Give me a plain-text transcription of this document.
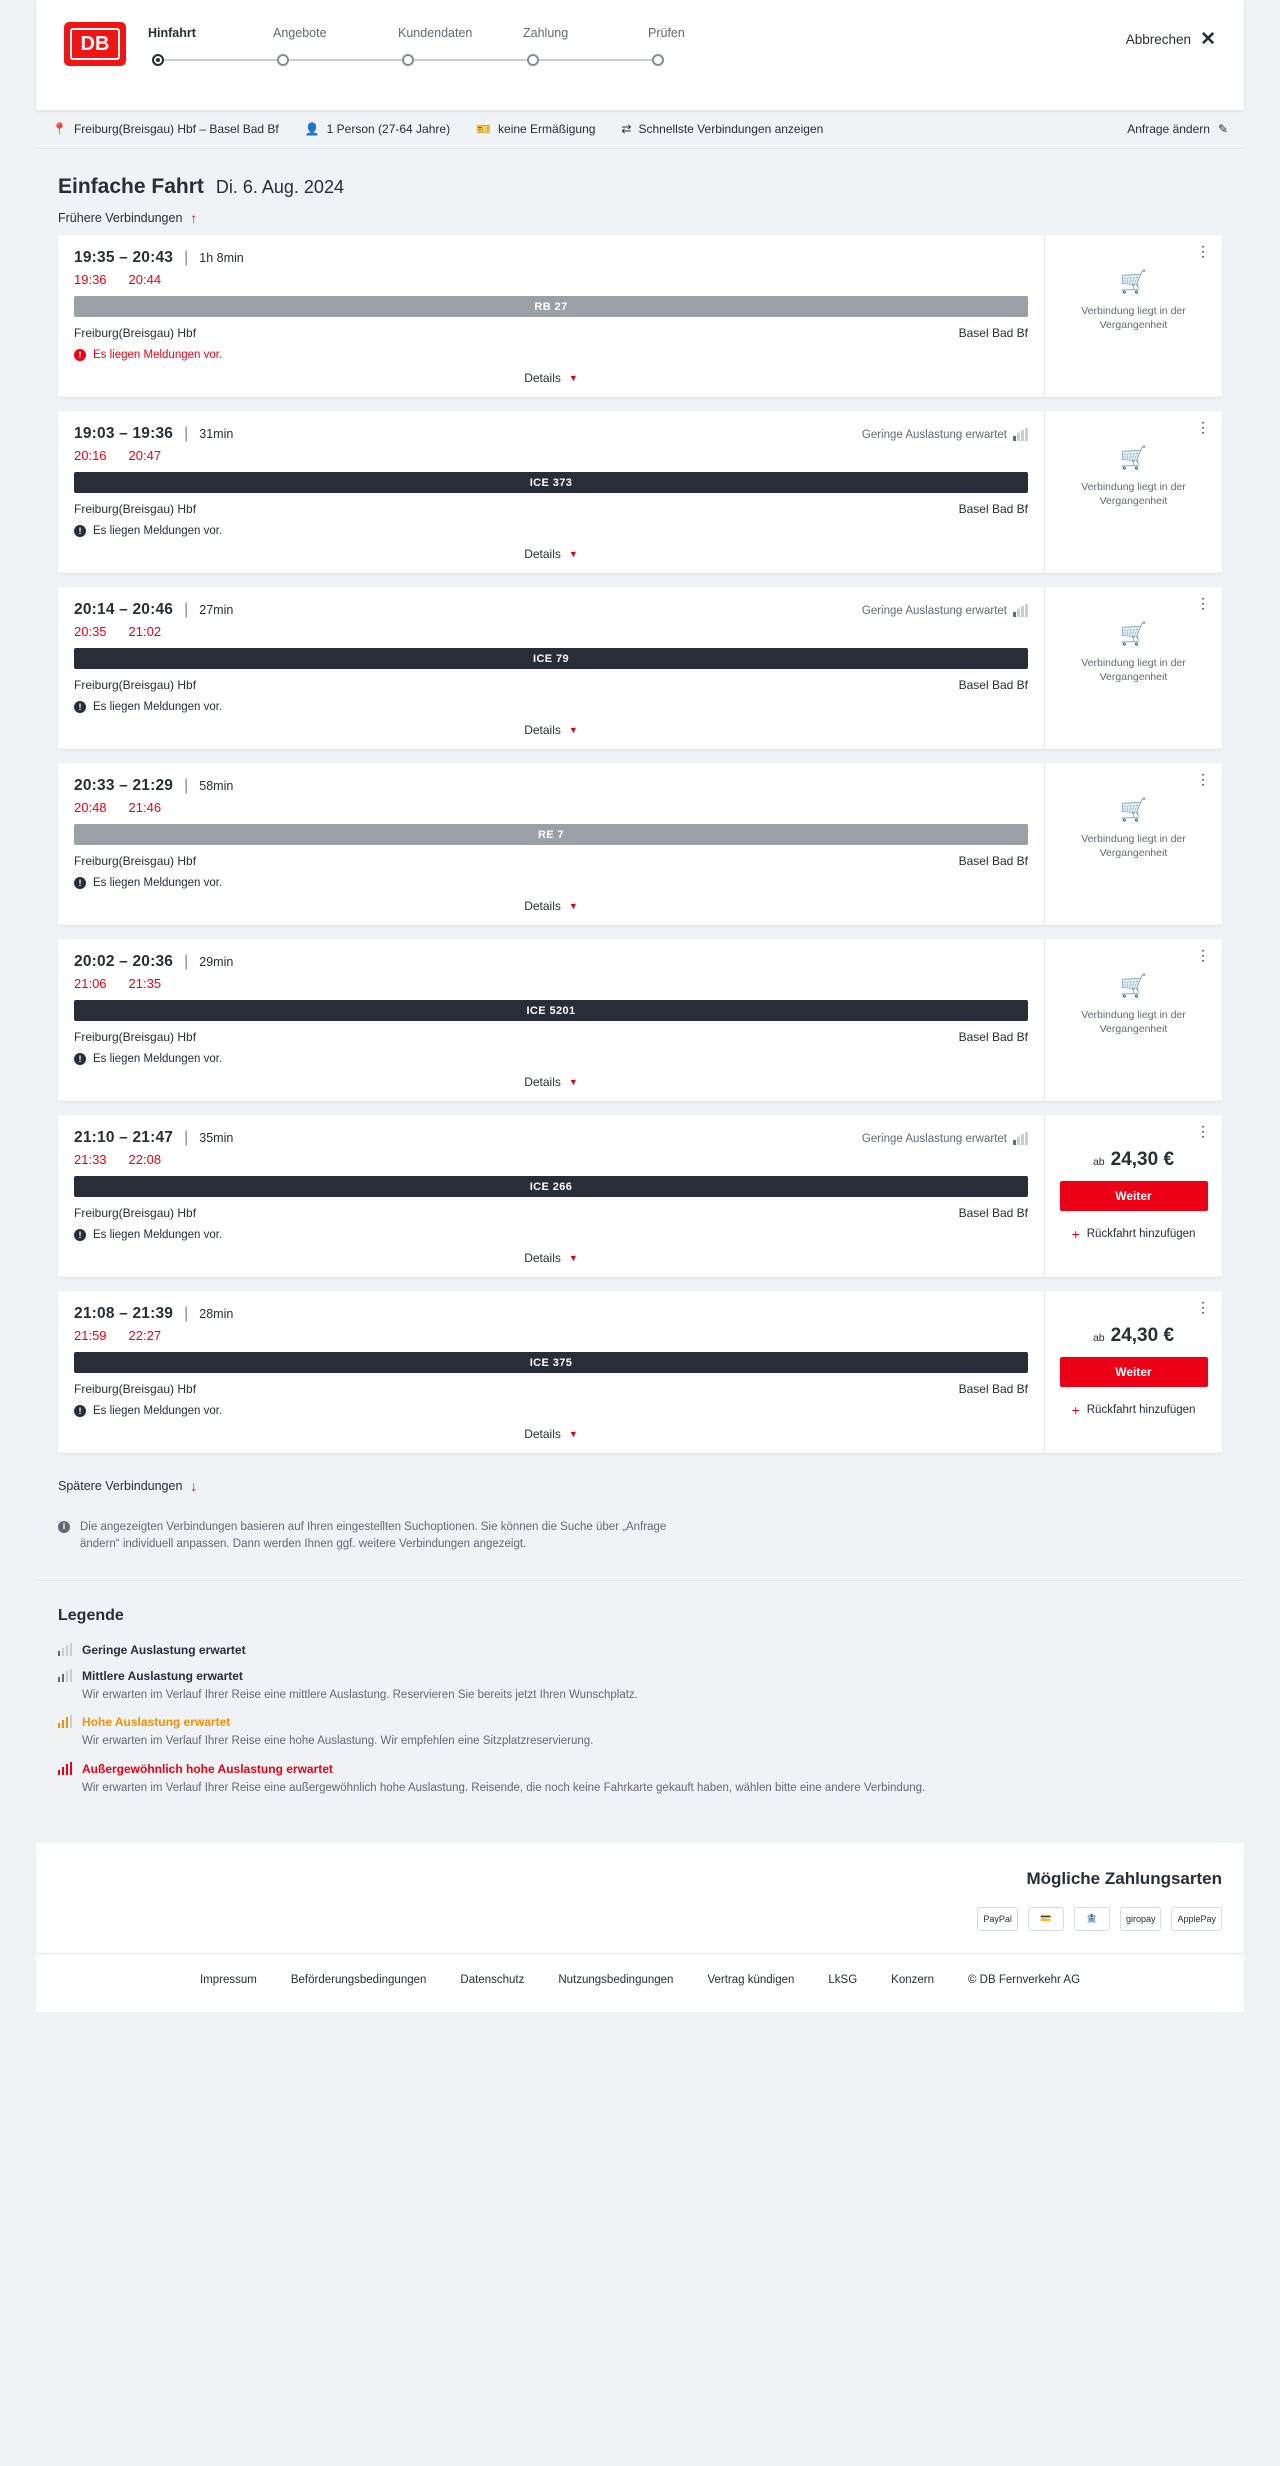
DB	Hinfahrt	Angebote	Kundendaten	Zahlung	Prüfen	Abbrechen ✕
📍 Freiburg(Breisgau) Hbf – Basel Bad Bf 👤 1 Person (27-64 Jahre) 🎫 keine Ermäßigung ⇄ Schnellste Verbindungen anzeigen	Anfrage ändern ✎
Einfache Fahrt Di. 6. Aug. 2024
Frühere Verbindungen ↑
19:35 – 20:43 | 1h 8min
19:36 20:44
RB 27
Freiburg(Breisgau) Hbf	Basel Bad Bf
!	Es liegen Meldungen vor.
Details ▼
⋮
🛒
Verbindung liegt in der Vergangenheit
19:03 – 19:36 | 31min	Geringe Auslastung erwartet
20:16 20:47
ICE 373
Freiburg(Breisgau) Hbf	Basel Bad Bf
!	Es liegen Meldungen vor.
Details ▼
⋮
🛒
Verbindung liegt in der Vergangenheit
20:14 – 20:46 | 27min	Geringe Auslastung erwartet
20:35 21:02
ICE 79
Freiburg(Breisgau) Hbf	Basel Bad Bf
!	Es liegen Meldungen vor.
Details ▼
⋮
🛒
Verbindung liegt in der Vergangenheit
20:33 – 21:29 | 58min
20:48 21:46
RE 7
Freiburg(Breisgau) Hbf	Basel Bad Bf
!	Es liegen Meldungen vor.
Details ▼
⋮
🛒
Verbindung liegt in der Vergangenheit
20:02 – 20:36 | 29min
21:06 21:35
ICE 5201
Freiburg(Breisgau) Hbf	Basel Bad Bf
!	Es liegen Meldungen vor.
Details ▼
⋮
🛒
Verbindung liegt in der Vergangenheit
21:10 – 21:47 | 35min	Geringe Auslastung erwartet
21:33 22:08
ICE 266
Freiburg(Breisgau) Hbf	Basel Bad Bf
!	Es liegen Meldungen vor.
Details ▼
⋮
ab 24,30 €
Weiter
+ Rückfahrt hinzufügen
21:08 – 21:39 | 28min
21:59 22:27
ICE 375
Freiburg(Breisgau) Hbf	Basel Bad Bf
!	Es liegen Meldungen vor.
Details ▼
⋮
ab 24,30 €
Weiter
+ Rückfahrt hinzufügen
Spätere Verbindungen ↓
i	Die angezeigten Verbindungen basieren auf Ihren eingestellten Suchoptionen. Sie können die Suche über „Anfrage ändern“ individuell anpassen. Dann werden Ihnen ggf. weitere Verbindungen angezeigt.
Legende
Geringe Auslastung erwartet
Mittlere Auslastung erwartet
Wir erwarten im Verlauf Ihrer Reise eine mittlere Auslastung. Reservieren Sie bereits jetzt Ihren Wunschplatz.
Hohe Auslastung erwartet
Wir erwarten im Verlauf Ihrer Reise eine hohe Auslastung. Wir empfehlen eine Sitzplatzreservierung.
Außergewöhnlich hohe Auslastung erwartet
Wir erwarten im Verlauf Ihrer Reise eine außergewöhnlich hohe Auslastung. Reisende, die noch keine Fahrkarte gekauft haben, wählen bitte eine andere Verbindung.
Mögliche Zahlungsarten
PayPal	💳	🏦	giropay	ApplePay
Impressum	Beförderungsbedingungen	Datenschutz	Nutzungsbedingungen	Vertrag kündigen	LkSG	Konzern	© DB Fernverkehr AG
